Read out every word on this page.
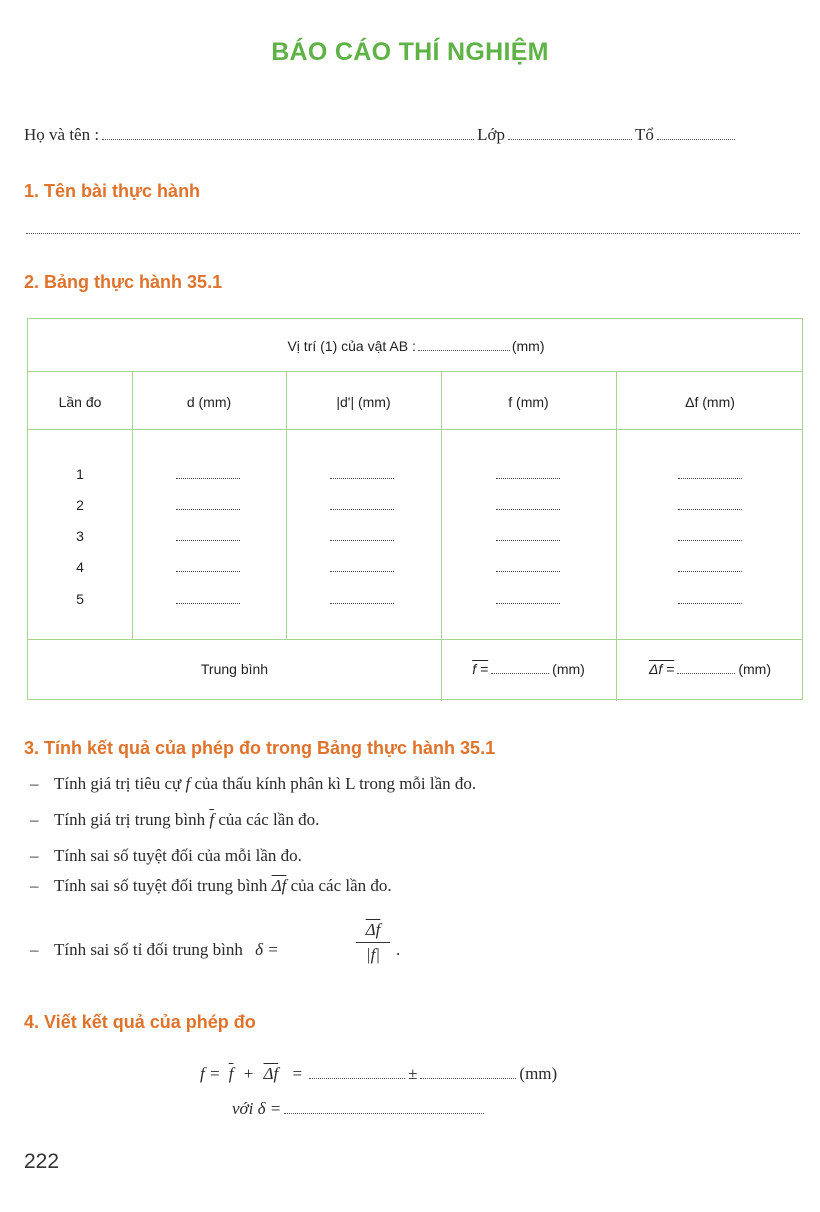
BÁO CÁO THÍ NGHIỆM
Họ và tên :	Lớp	Tổ
1. Tên bài thực hành
2. Bảng thực hành 35.1
Vị trí (1) của vật AB :	(mm)
Lần đo	d (mm)	|d'| (mm)	f (mm)	Δf (mm)
1
2
3
4
5
Trung bình	f =	(mm)	Δf =	(mm)
3. Tính kết quả của phép đo trong Bảng thực hành 35.1
– Tính giá trị tiêu cự f của thấu kính phân kì L trong mỗi lần đo.
– Tính giá trị trung bình $\overline{f}$ của các lần đo.
– Tính sai số tuyệt đối của mỗi lần đo.
– Tính sai số tuyệt đối trung bình $\overline{\Delta f}$ của các lần đo.
– Tính sai số tỉ đối trung bình δ =
$\overline{\Delta f}$
|f| .
4. Viết kết quả của phép đo
$f = \overline{f} + \overline{\Delta f}$ =	±	(mm)
với δ =
222
